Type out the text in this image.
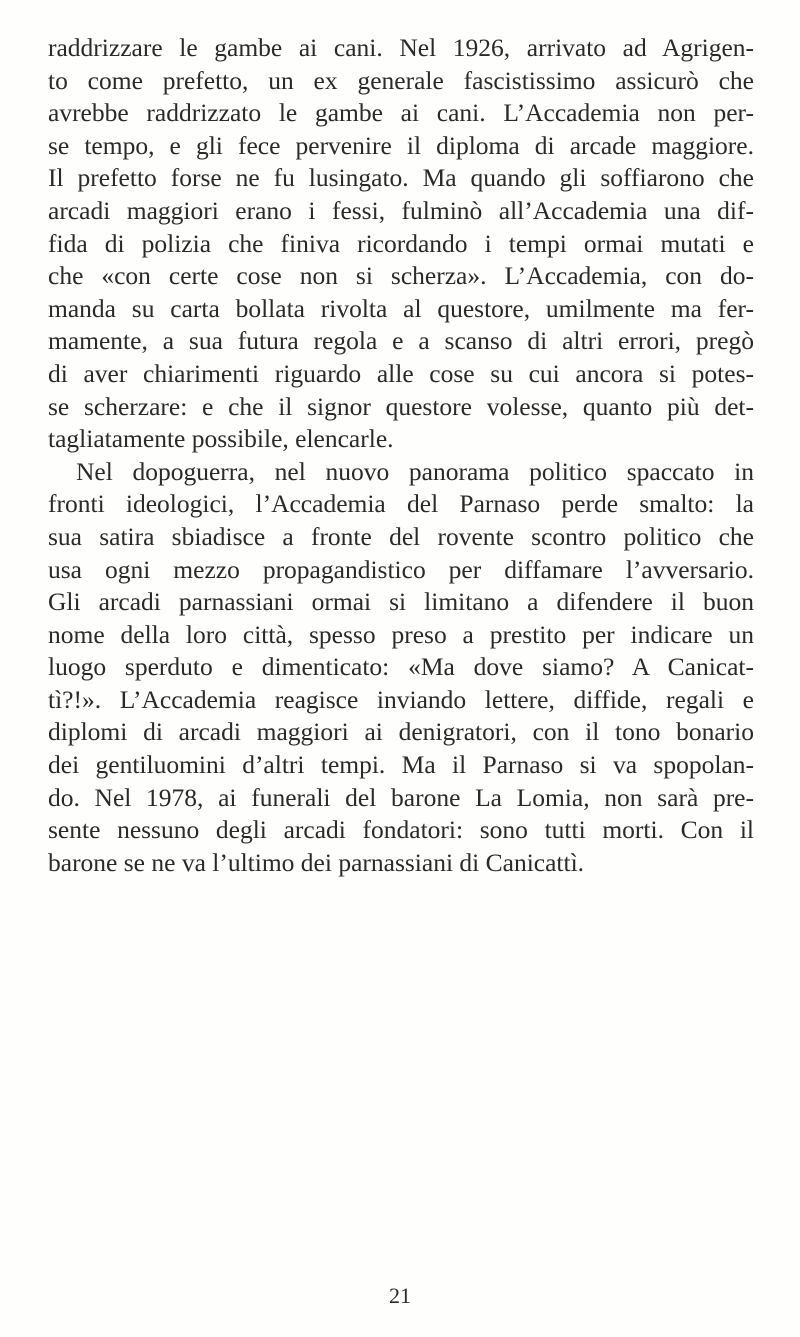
raddrizzare le gambe ai cani. Nel 1926, arrivato ad Agrigen-
to come prefetto, un ex generale fascistissimo assicurò che
avrebbe raddrizzato le gambe ai cani. L’Accademia non per-
se tempo, e gli fece pervenire il diploma di arcade maggiore.
Il prefetto forse ne fu lusingato. Ma quando gli soffiarono che
arcadi maggiori erano i fessi, fulminò all’Accademia una dif-
fida di polizia che finiva ricordando i tempi ormai mutati e
che «con certe cose non si scherza». L’Accademia, con do-
manda su carta bollata rivolta al questore, umilmente ma fer-
mamente, a sua futura regola e a scanso di altri errori, pregò
di aver chiarimenti riguardo alle cose su cui ancora si potes-
se scherzare: e che il signor questore volesse, quanto più det-
tagliatamente possibile, elencarle.
Nel dopoguerra, nel nuovo panorama politico spaccato in
fronti ideologici, l’Accademia del Parnaso perde smalto: la
sua satira sbiadisce a fronte del rovente scontro politico che
usa ogni mezzo propagandistico per diffamare l’avversario.
Gli arcadi parnassiani ormai si limitano a difendere il buon
nome della loro città, spesso preso a prestito per indicare un
luogo sperduto e dimenticato: «Ma dove siamo? A Canicat-
tì?!». L’Accademia reagisce inviando lettere, diffide, regali e
diplomi di arcadi maggiori ai denigratori, con il tono bonario
dei gentiluomini d’altri tempi. Ma il Parnaso si va spopolan-
do. Nel 1978, ai funerali del barone La Lomia, non sarà pre-
sente nessuno degli arcadi fondatori: sono tutti morti. Con il
barone se ne va l’ultimo dei parnassiani di Canicattì.
21
